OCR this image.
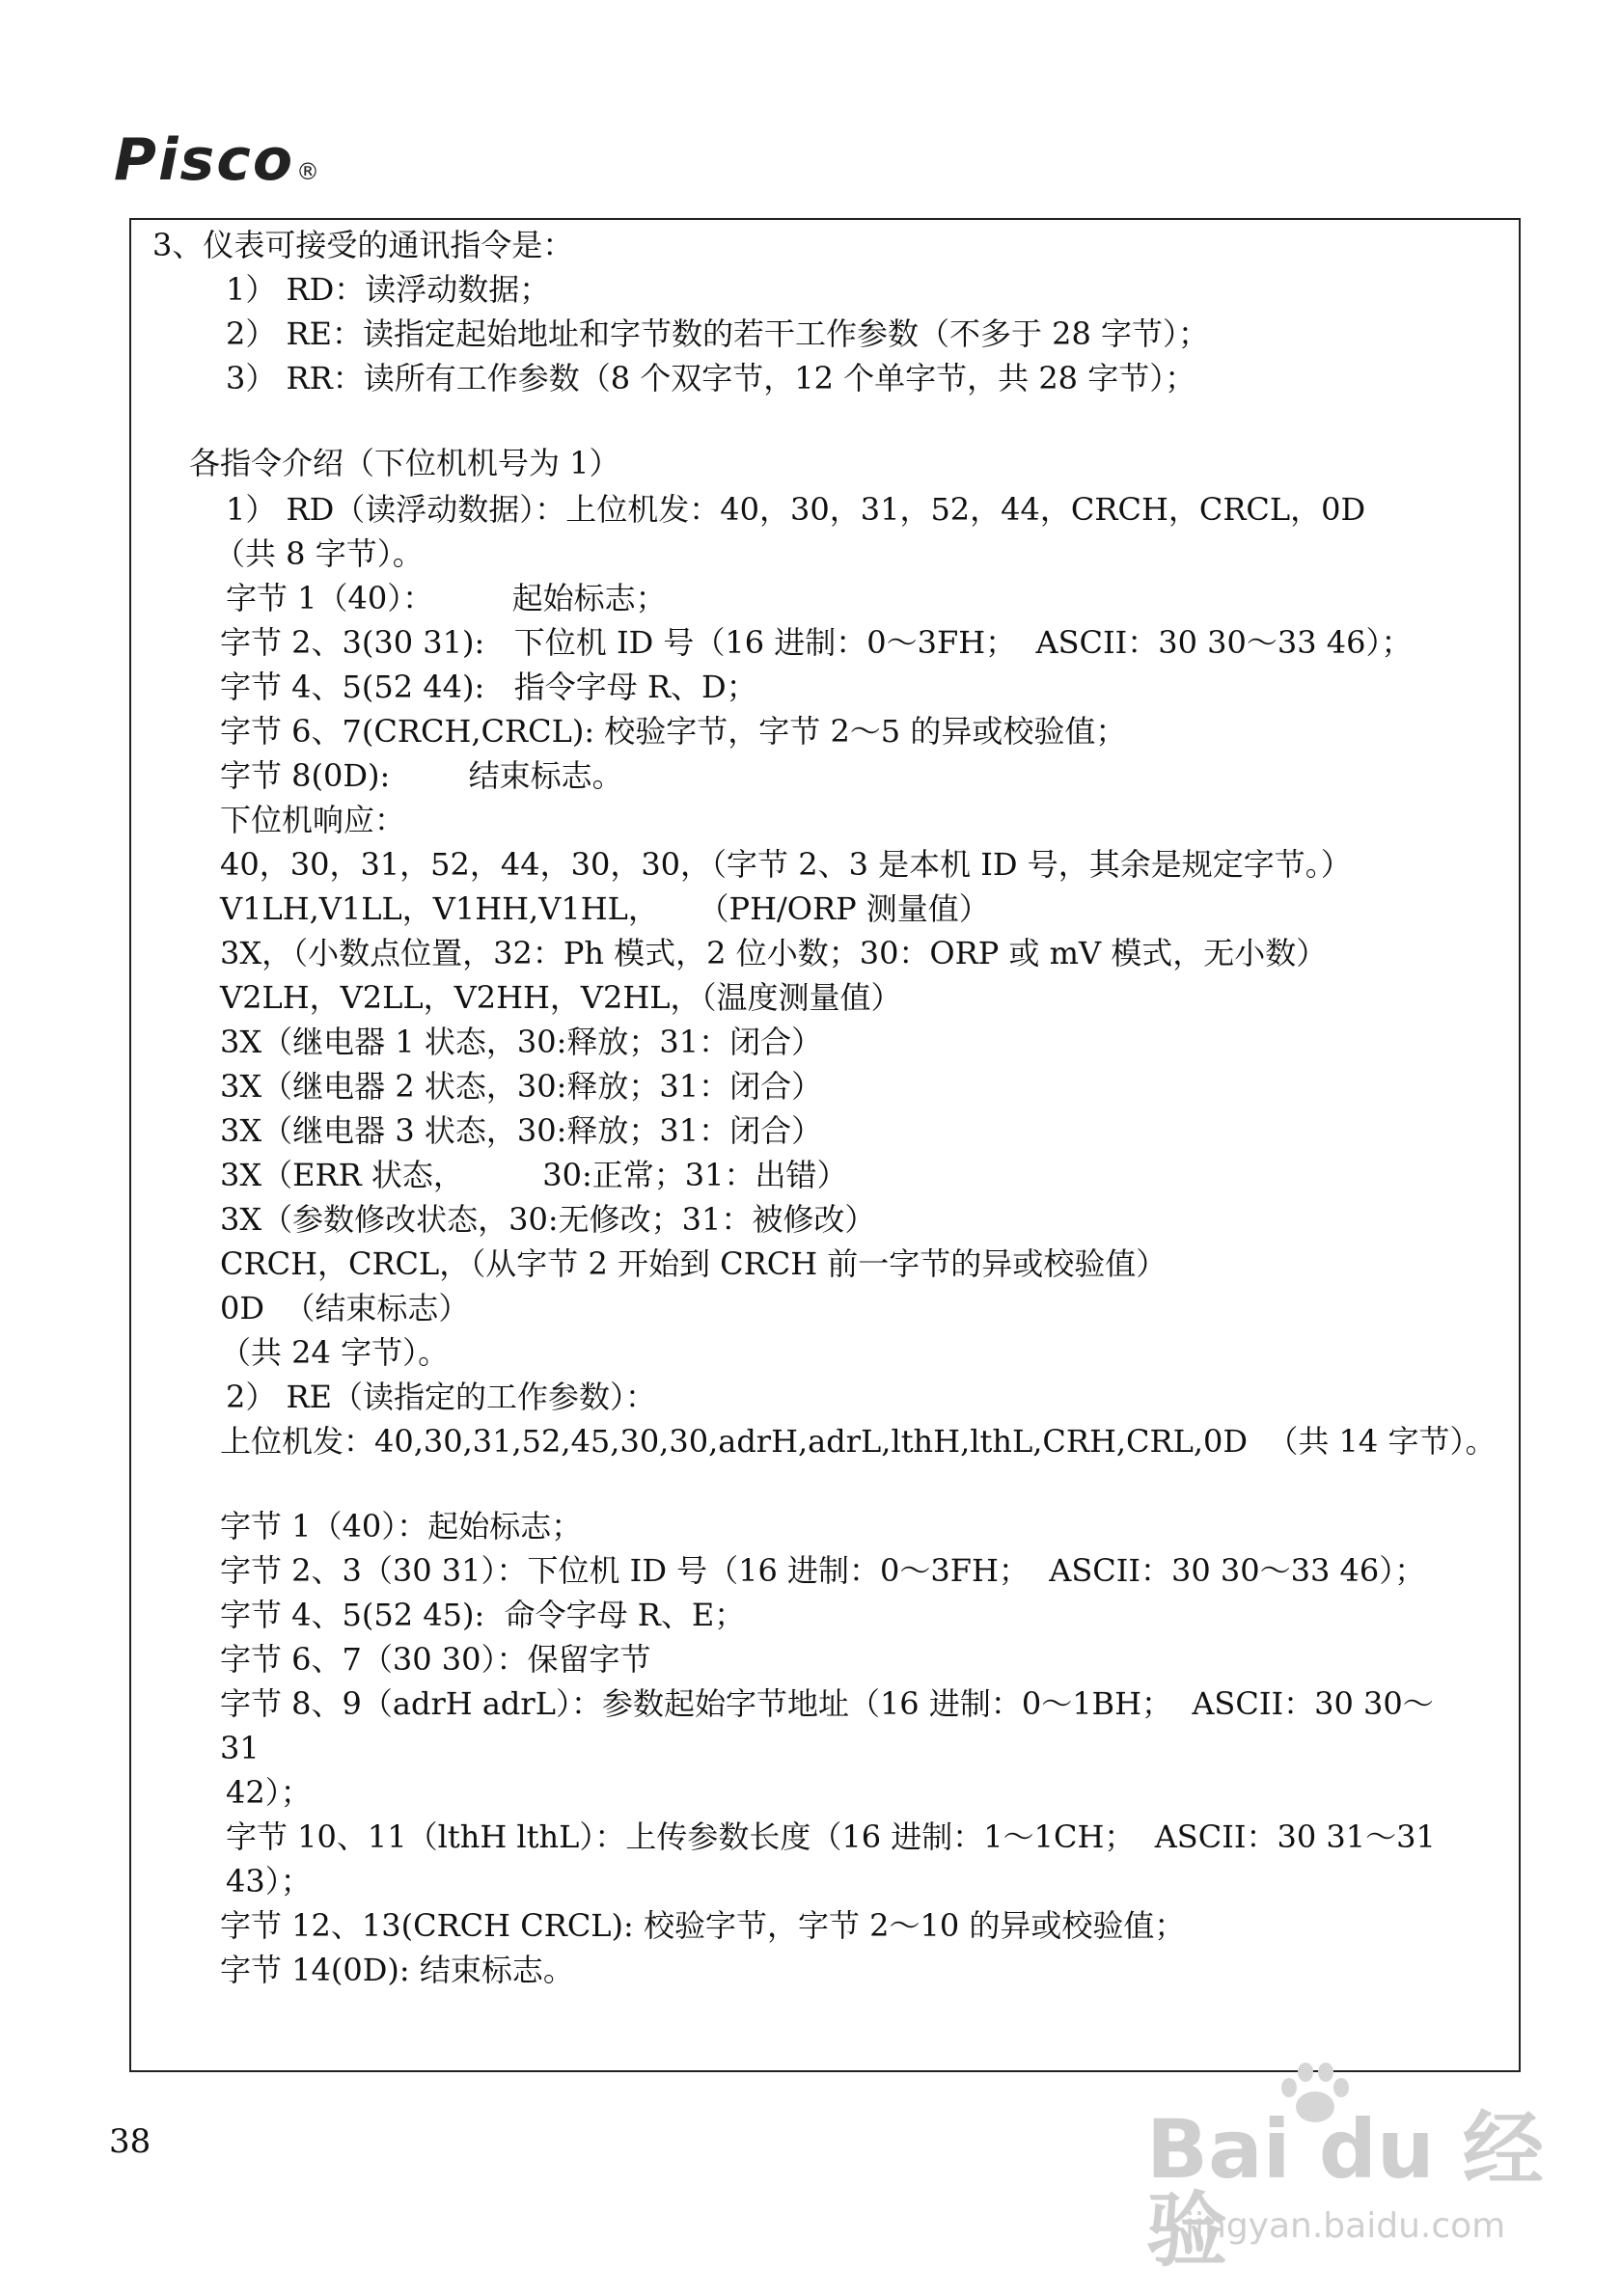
Pisco®
3、仪表可接受的通讯指令是：
1） RD：读浮动数据；
2） RE：读指定起始地址和字节数的若干工作参数（不多于 28 字节）；
3） RR：读所有工作参数（8 个双字节，12 个单字节，共 28 字节）；
各指令介绍（下位机机号为 1）
1） RD（读浮动数据）：上位机发：40，30，31，52，44，CRCH，CRCL，0D
（共 8 字节）。
字节 1（40）：        起始标志；
字节 2、3(30 31):   下位机 ID 号（16 进制：0～3FH；  ASCII：30 30～33 46）；
字节 4、5(52 44):   指令字母 R、D；
字节 6、7(CRCH,CRCL): 校验字节，字节 2～5 的异或校验值；
字节 8(0D):        结束标志。
下位机响应：
40，30，31，52，44，30，30，（字节 2、3 是本机 ID 号，其余是规定字节。）
V1LH,V1LL，V1HH,V1HL，    （PH/ORP 测量值）
3X，（小数点位置，32：Ph 模式，2 位小数；30：ORP 或 mV 模式，无小数）
V2LH，V2LL，V2HH，V2HL，（温度测量值）
3X（继电器 1 状态，30:释放；31：闭合）
3X（继电器 2 状态，30:释放；31：闭合）
3X（继电器 3 状态，30:释放；31：闭合）
3X（ERR 状态，        30:正常；31：出错）
3X（参数修改状态，30:无修改；31：被修改）
CRCH，CRCL，（从字节 2 开始到 CRCH 前一字节的异或校验值）
0D  （结束标志）
（共 24 字节）。
2） RE（读指定的工作参数）：
上位机发：40,30,31,52,45,30,30,adrH,adrL,lthH,lthL,CRH,CRL,0D  （共 14 字节）。
字节 1（40）：起始标志；
字节 2、3（30 31）：下位机 ID 号（16 进制：0～3FH；  ASCII：30 30～33 46）；
字节 4、5(52 45):  命令字母 R、E；
字节 6、7（30 30）：保留字节
字节 8、9（adrH adrL）：参数起始字节地址（16 进制：0～1BH；  ASCII：30 30～
31
42）；
字节 10、11（lthH lthL）：上传参数长度（16 进制：1～1CH；  ASCII：30 31～31
43）；
字节 12、13(CRCH CRCL): 校验字节，字节 2～10 的异或校验值；
字节 14(0D): 结束标志。
38	Bai du 经验
jingyan.baidu.com
